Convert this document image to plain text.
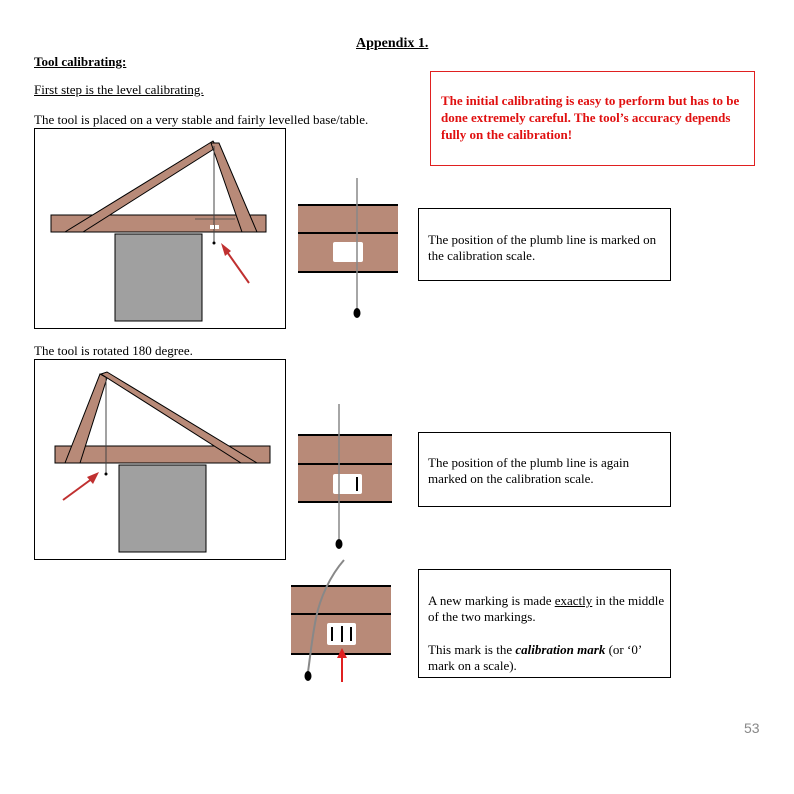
Appendix 1.
Tool calibrating:
First step is the level calibrating.
The initial calibrating is easy to perform but has to be done extremely careful. The tool’s accuracy depends fully on the calibration!
The tool is placed on a very stable and fairly levelled base/table.
The position of the plumb line is marked on the calibration scale.
The tool is rotated 180 degree.
The position of the plumb line is again marked on the calibration scale.
A new marking is made exactly in the middle of the two markings.
This mark is the calibration mark (or ‘0’ mark on a scale).
53
